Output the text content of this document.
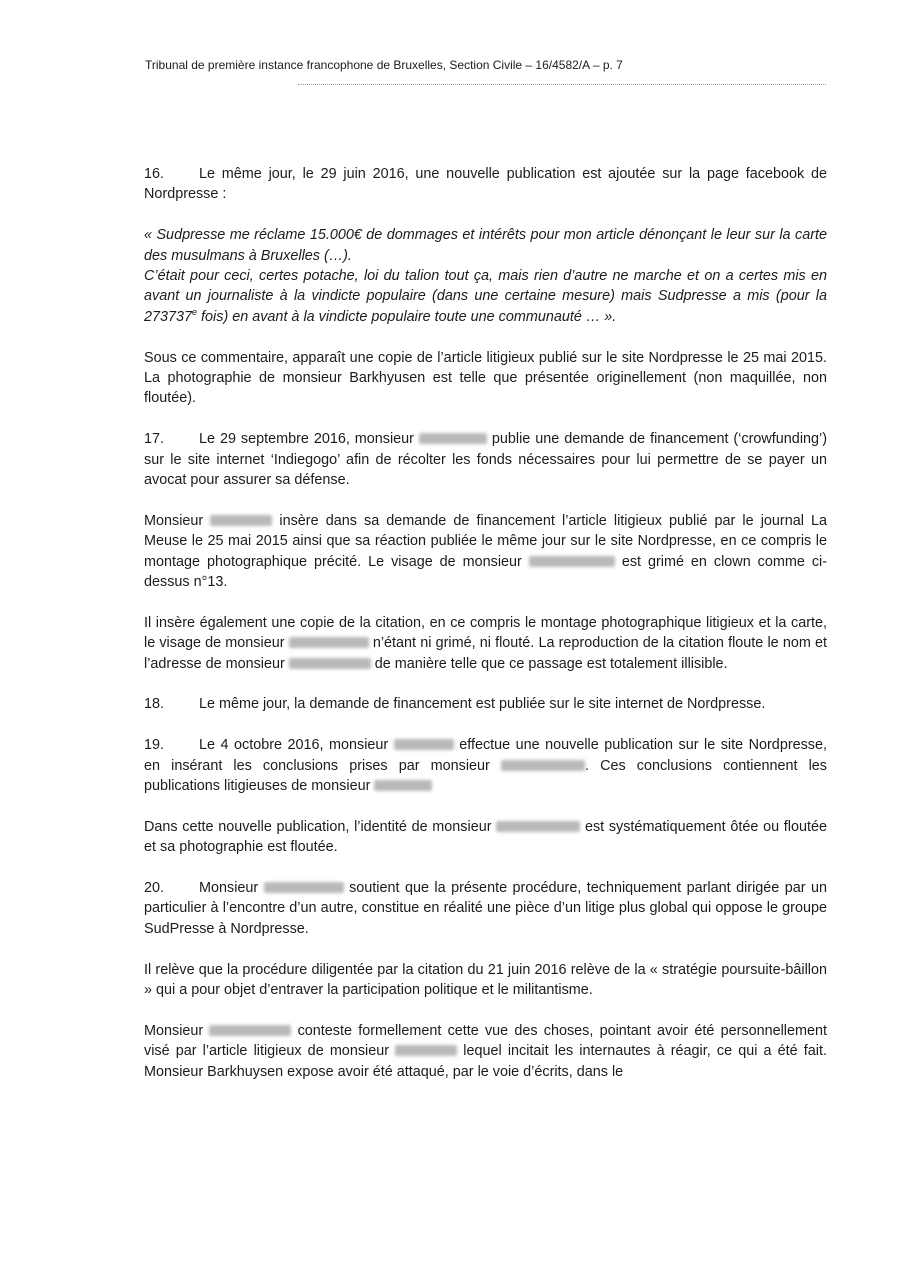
Tribunal de première instance francophone de Bruxelles, Section Civile – 16/4582/A – p. 7

16. Le même jour, le 29 juin 2016, une nouvelle publication est ajoutée sur la page facebook de Nordpresse :

« Sudpresse me réclame 15.000€ de dommages et intérêts pour mon article dénonçant le leur sur la carte des musulmans à Bruxelles (…).

C’était pour ceci, certes potache, loi du talion tout ça, mais rien d’autre ne marche et on a certes mis en avant un journaliste à la vindicte populaire (dans une certaine mesure) mais Sudpresse a mis (pour la 273737e fois) en avant à la vindicte populaire toute une communauté … ».

Sous ce commentaire, apparaît une copie de l’article litigieux publié sur le site Nordpresse le 25 mai 2015. La photographie de monsieur Barkhyusen est telle que présentée originellement (non maquillée, non floutée).

17. Le 29 septembre 2016, monsieur	publie une demande de financement (‘crowfunding’) sur le site internet ‘Indiegogo’ afin de récolter les fonds nécessaires pour lui permettre de se payer un avocat pour assurer sa défense.

Monsieur	insère dans sa demande de financement l’article litigieux publié par le journal La Meuse le 25 mai 2015 ainsi que sa réaction publiée le même jour sur le site Nordpresse, en ce compris le montage photographique précité. Le visage de monsieur	est grimé en clown comme ci-dessus n°13.

Il insère également une copie de la citation, en ce compris le montage photographique litigieux et la carte, le visage de monsieur	n’étant ni grimé, ni flouté. La reproduction de la citation floute le nom et l’adresse de monsieur	de manière telle que ce passage est totalement illisible.

18. Le même jour, la demande de financement est publiée sur le site internet de Nordpresse.

19. Le 4 octobre 2016, monsieur	effectue une nouvelle publication sur le site Nordpresse, en insérant les conclusions prises par monsieur	. Ces conclusions contiennent les publications litigieuses de monsieur

Dans cette nouvelle publication, l’identité de monsieur	est systématiquement ôtée ou floutée et sa photographie est floutée.

20. Monsieur	soutient que la présente procédure, techniquement parlant dirigée par un particulier à l’encontre d’un autre, constitue en réalité une pièce d’un litige plus global qui oppose le groupe SudPresse à Nordpresse.

Il relève que la procédure diligentée par la citation du 21 juin 2016 relève de la « stratégie poursuite-bâillon » qui a pour objet d’entraver la participation politique et le militantisme.

Monsieur	conteste formellement cette vue des choses, pointant avoir été personnellement visé par l’article litigieux de monsieur	lequel incitait les internautes à réagir, ce qui a été fait. Monsieur Barkhuysen expose avoir été attaqué, par le voie d’écrits, dans le
